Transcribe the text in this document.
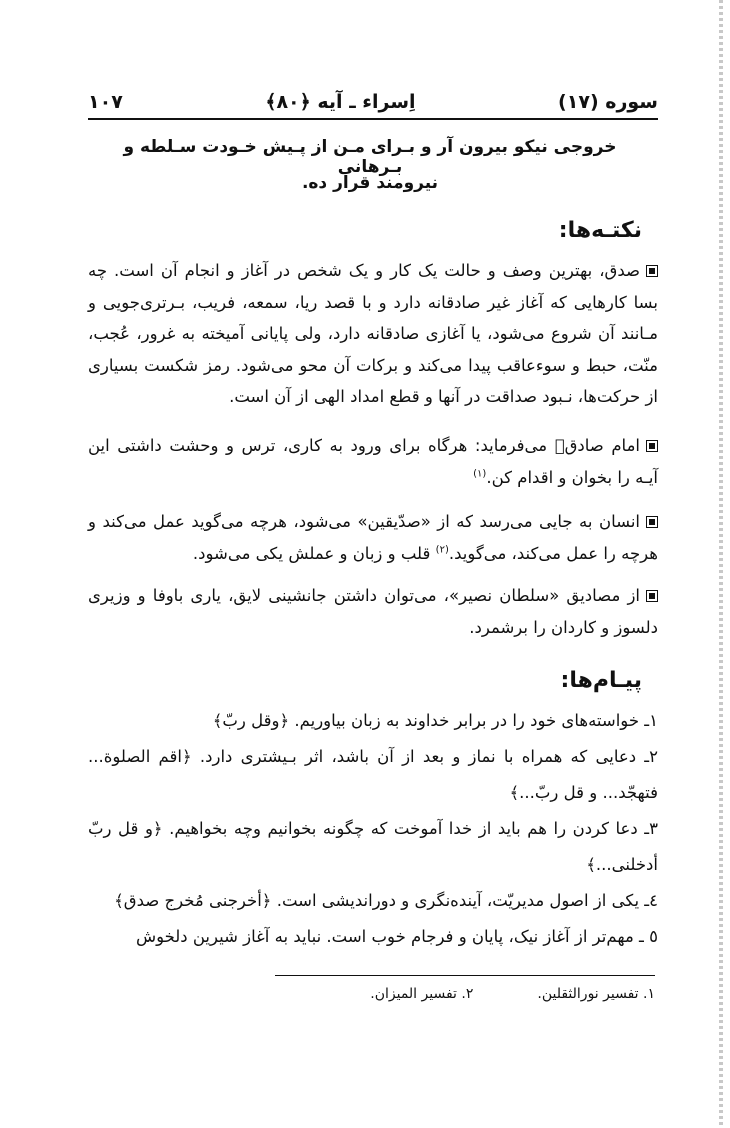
سوره (۱۷)
اِسراء ـ آیه ﴿۸۰﴾
۱۰۷
خروجی نیکو بیرون آر و بـرای مـن از پـیش خـودت سـلطه و بـرهانی
نیرومند قرار ده.
نکتـه‌ها:
صدق، بهترین وصف و حالت یک کار و یک شخص در آغاز و انجام آن است. چه بسا کارهایی که آغاز غیر صادقانه دارد و با قصد ریا، سمعه، فریب، بـرتری‌جویی و مـانند آن شروع می‌شود، یا آغازی صادقانه دارد، ولی پایانی آمیخته به غرور، عُجب، منّت، حبط و سوءعاقب پیدا می‌کند و برکات آن محو می‌شود. رمز شکست بسیاری از حرکت‌ها، نـبود صداقت در آنها و قطع امداد الهی از آن است.
امام صادقؑ می‌فرماید: هرگاه برای ورود به کاری، ترس و وحشت داشتی این آیـه را بخوان و اقدام کن.$^{(۱)}$
انسان به جایی می‌رسد که از «صدّیقین» می‌شود، هرچه می‌گوید عمل می‌کند و هرچه را عمل می‌کند، می‌گوید.$^{(۲)}$ قلب و زبان و عملش یکی می‌شود.
از مصادیق «سلطان نصیر»، می‌توان داشتن جانشینی لایق، یاری باوفا و وزیری دلسوز و کاردان را برشمرد.
پیـام‌ها:
۱ـ خواسته‌های خود را در برابر خداوند به زبان بیاوریم. ﴿وقل ربّ﴾
۲ـ دعایی که همراه با نماز و بعد از آن باشد، اثر بـیشتری دارد. ﴿اقم الصلوة... فتهجّد... و قل ربّ...﴾
۳ـ دعا کردن را هم باید از خدا آموخت که چگونه بخوانیم وچه بخواهیم. ﴿و قل ربّ أدخلنی...﴾
٤ـ یکی از اصول مدیریّت، آینده‌نگری و دوراندیشی است. ﴿أخرجنی مُخرج صدق﴾
٥ ـ مهم‌تر از آغاز نیک، پایان و فرجام خوب است. نباید به آغاز شیرین دلخوش
۱. تفسیر نورالثقلین.
۲. تفسیر المیزان.
